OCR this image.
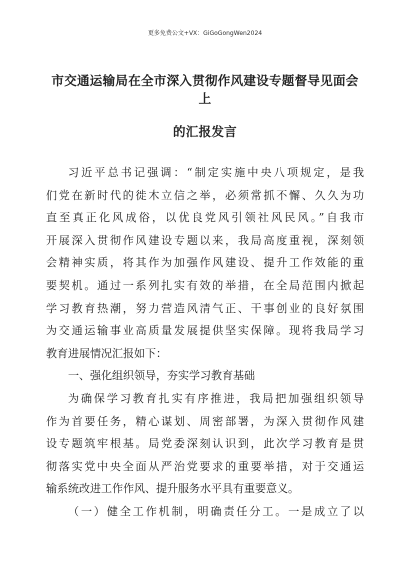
更多免费公文+VX：GiGoGongWen2024
市交通运输局在全市深入贯彻作风建设专题督导见面会上
的汇报发言
习近平总书记强调：“制定实施中央八项规定，是我
们党在新时代的徙木立信之举，必须常抓不懈、久久为功
直至真正化风成俗，以优良党风引领社风民风。”自我市
开展深入贯彻作风建设专题以来，我局高度重视，深刻领
会精神实质，将其作为加强作风建设、提升工作效能的重
要契机。通过一系列扎实有效的举措，在全局范围内掀起
学习教育热潮，努力营造风清气正、干事创业的良好氛围
为交通运输事业高质量发展提供坚实保障。现将我局学习
教育进展情况汇报如下：
一、强化组织领导，夯实学习教育基础
为确保学习教育扎实有序推进，我局把加强组织领导
作为首要任务，精心谋划、周密部署，为深入贯彻作风建
设专题筑牢根基。局党委深刻认识到，此次学习教育是贯
彻落实党中央全面从严治党要求的重要举措，对于交通运
输系统改进工作作风、提升服务水平具有重要意义。
（一）健全工作机制，明确责任分工。一是成立了以
